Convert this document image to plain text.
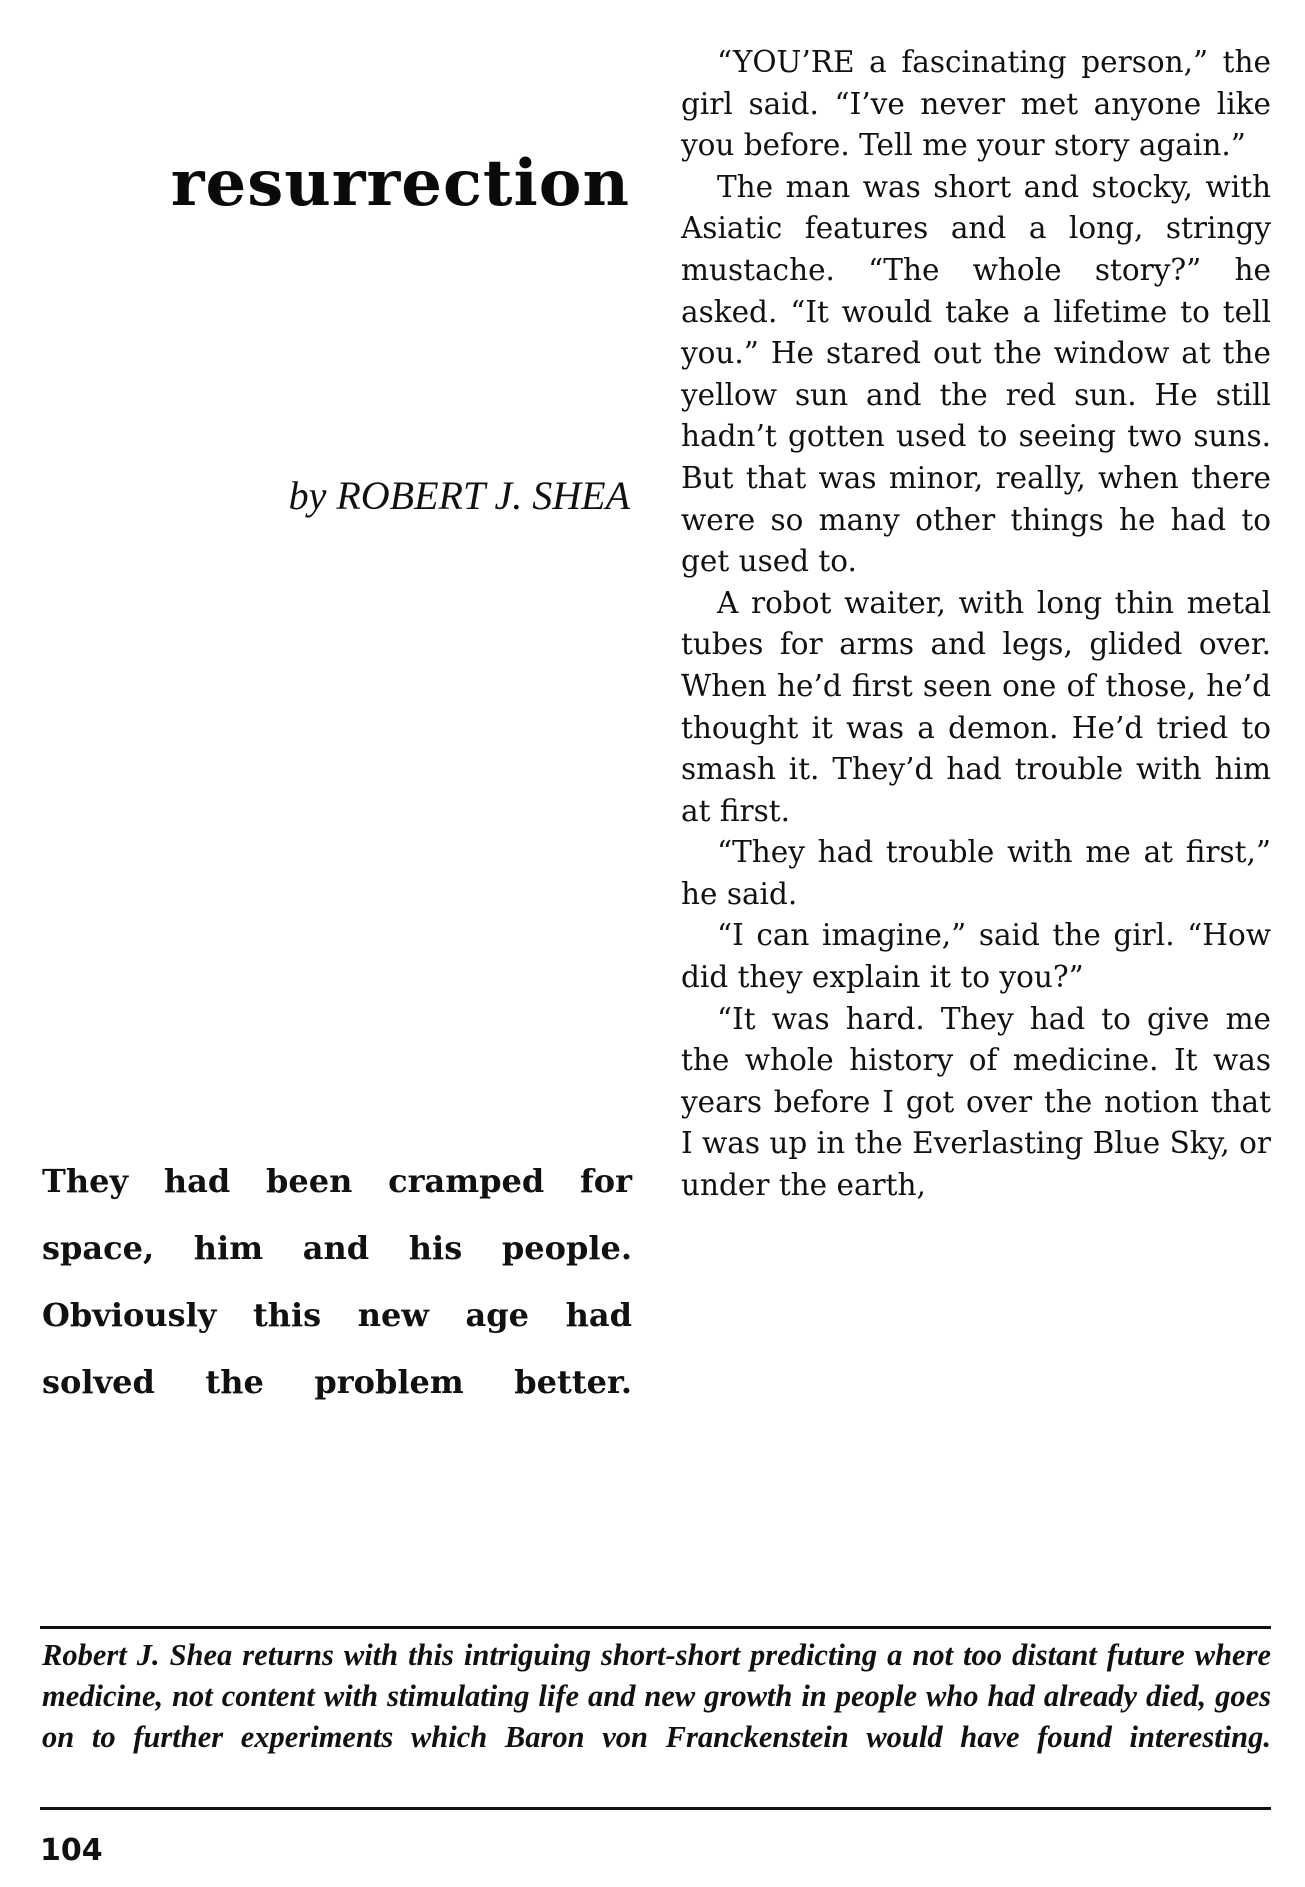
resurrection
by ROBERT J. SHEA
They had been cramped for space, him and his people. Obviously this new age had solved the problem better.

“YOU’RE a fascinating person,” the girl said. “I’ve never met anyone like you before. Tell me your story again.”

The man was short and stocky, with Asiatic features and a long, stringy mustache. “The whole story?” he asked. “It would take a lifetime to tell you.” He stared out the window at the yellow sun and the red sun. He still hadn’t gotten used to seeing two suns. But that was minor, really, when there were so many other things he had to get used to.

A robot waiter, with long thin metal tubes for arms and legs, glided over. When he’d first seen one of those, he’d thought it was a demon. He’d tried to smash it. They’d had trouble with him at first.

“They had trouble with me at first,” he said.

“I can imagine,” said the girl. “How did they explain it to you?”

“It was hard. They had to give me the whole history of medicine. It was years before I got over the notion that I was up in the Everlasting Blue Sky, or under the earth,

Robert J. Shea returns with this intriguing short-short predicting a not too distant future where medicine, not content with stimulating life and new growth in people who had already died, goes on to further experiments which Baron von Franckenstein would have found interesting.
104
